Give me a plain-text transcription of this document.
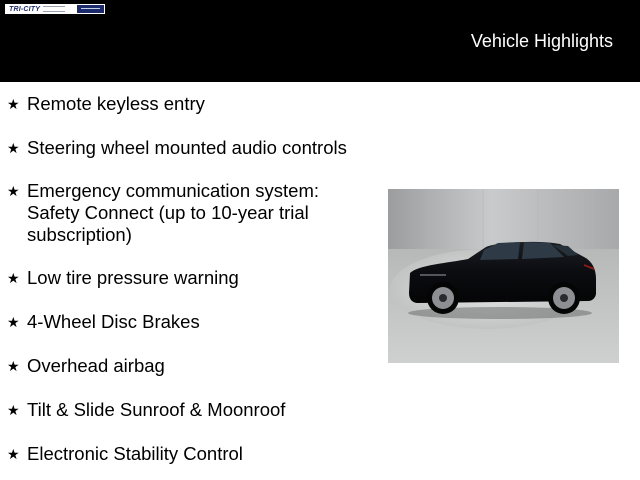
TRI-CITY
Vehicle Highlights
★ Remote keyless entry
★ Steering wheel mounted audio controls
★ Emergency communication system: Safety Connect (up to 10-year trial subscription)
★ Low tire pressure warning
★ 4-Wheel Disc Brakes
★ Overhead airbag
★ Tilt & Slide Sunroof & Moonroof
★ Electronic Stability Control
